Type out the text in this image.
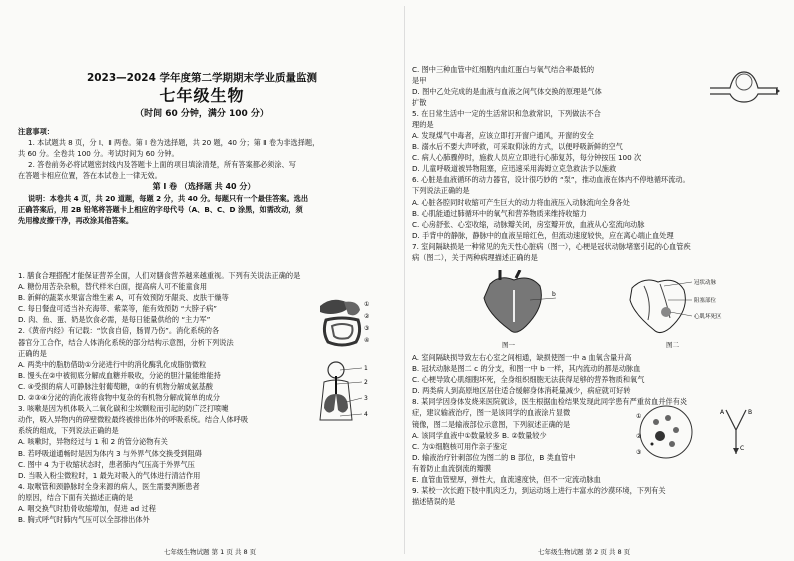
2023—2024 学年度第二学期期末学业质量监测
七年级生物
（时间 60 分钟，满分 100 分）
注意事项：
1. 本试题共 8 页，分 Ⅰ、Ⅱ 两卷。第 Ⅰ 卷为选择题，共 20 题，40 分；第 Ⅱ 卷为非选择题，
共 60 分。全卷共 100 分。考试时间为 60 分钟。
2. 答卷前务必将试题密封线内及答题卡上面的项目填涂清楚，所有答案都必须涂、写
在答题卡相应位置，答在本试卷上一律无效。
第 Ⅰ 卷 （选择题 共 40 分）
说明：本卷共 4 页，共 20 道题，每题 2 分，共 40 分。每题只有一个最佳答案。选出
正确答案后，用 2B 铅笔将答题卡上相应的字母代号（A、B、C、D 涂黑，如需改动，须
先用橡皮擦干净，再改涂其他答案。
1. 膳食合理搭配才能保证营养全面，人们对膳食营养越来越重视。下列有关说法正确的是
A. 糖份用苦杂杂粮，替代样米白面，提高病人可不能童食用
B. 新鲜的蔬菜水果富含维生素 A，可有效预防牙龈炎、皮肤干燥等
C. 每日餐盘可适当补充海带、紫菜等，能有效预防 “大脖子病”
D. 肉、鱼、蛋、奶是饮食必需，是每日能量供给的 “主力军”
2.《黄帝内经》有记载：“饮食自倍，肠胃乃伤”。消化系统的各
器官分工合作，结合人体消化系统的部分结构示意图，分析下列说法
正确的是
A. 两类中的脂肪借助①分泌进行中的消化酶乳化成脂肪微粒
B. 馒头在②中被彻底分解成血糖并吸收，分泌的胆汁量能维能持
C. ④受损的病人可静脉注射葡萄糖，③的有机物分解成氨基酸
D. ②③④分泌的消化液将食物中复杂的有机物分解成简单的成分
3. 咳嗽是因为机体吸入二氧化碳和尘埃颗粒而引起的防广泛打喷嚏
动作，吸入异物内的碎壁微粒最终被排出体外的呼吸系统。结合人体呼吸
系统的组成，下列说法正确的是
A. 咳嗽时，异物经过与 1 和 2 的管分泌物有关
B. 若呼吸道通畅时是因为体内 3 与外界气体交换受到阻碍
C. 图中 4 为于收缩状态时，患者肺内气压高于外界气压
D. 当吸入粉尘微粒时，1 最先对吸入的气体进行清洁作用
4. 取喉管和颈静脉时全身来源的病人，医生需要判断患者
的原因，结合下面有关描述正确的是
A. 咽交换气时肋骨收缩增加，促进 ad 过程
B. 胸式呼气时肺内气压可以全部排出体外
①
②
③
④
1
2
3
4
七年级生物试题 第 1 页 共 8 页
C. 图中三种血管中红细胞内血红蛋白与氧气结合率最低的
是甲
D. 图中乙处完成的是血液与血液之间气体交换的原理是气体
扩散
5. 在日常生活中一定的生活常识和急救常识，下列做法不合
理的是
A. 发现煤气中毒者，应该立即打开窗户通风，开窗的安全
B. 溺水后不要大声呼救，可采取仰泳的方式，以便呼吸新鲜的空气
C. 病人心肺骤停时，施救人员应立即进行心肺复苏，每分钟按压 100 次
D. 儿童呼吸道被异物阻塞，应迅速采用海姆立克急救法予以施救
6. 心脏是血液循环的动力器官，设计很巧妙的 “泵”，推动血液在体内不停地循环流动。
下列说法正确的是
A. 心脏各腔同时收缩可产生巨大的动力将血液压入动脉流向全身各处
B. 心肌能通过肺循环中的氧气和营养物质来维持收缩力
C. 心房舒张、心室收缩，动脉瓣关闭，房室瓣开放，血液从心室流向动脉
D. 手背中的静脉，静脉中的血液呈暗红色，但流动速度较快，应在离心端止血处理
7. 室间隔缺损是一种常见的先天性心脏病（图一），心梗是冠状动脉堵塞引起的心血管疾
病（图二），关于两种病理描述正确的是
b
图一
冠状动脉
阻塞部位
心肌坏死区
图二
A. 室间隔缺损导致左右心室之间相通，缺损使图一中 a 血氧含量升高
B. 冠状动脉是图二 c 的分支，和图一中 b 一样，其内流动的都是动脉血
C. 心梗导致心肌细胞坏死，全身组织细胞无法获得足够的营养物质和氧气
D. 两类病人到高原地区居住适合缓解身体消耗量减少，病症就可好转
8. 某同学因身体发烧来医院就诊，医生根据血检结果发现此同学患有严重贫血并伴有炎
症，建议输液治疗，图一是该同学的血液涂片显微
镜像，图二是输液部位示意图，下列叙述正确的是
A. 该同学血液中①数量较多 B. ②数量较少
C. 为①细胞核可用作亲子鉴定
D. 输液治疗针刺部位为图二的 B 部位，B 类血管中
有着防止血流倒流的瓣膜
E. 血管血管壁厚，弹性大，血流速度快，但不一定流动脉血
9. 某校一次长跑下肢中肌肉乏力，到运动场上进行丰富水的沙漠环境，下列有关
描述错误的是
①
②
③
A	B
C
七年级生物试题 第 2 页 共 8 页
